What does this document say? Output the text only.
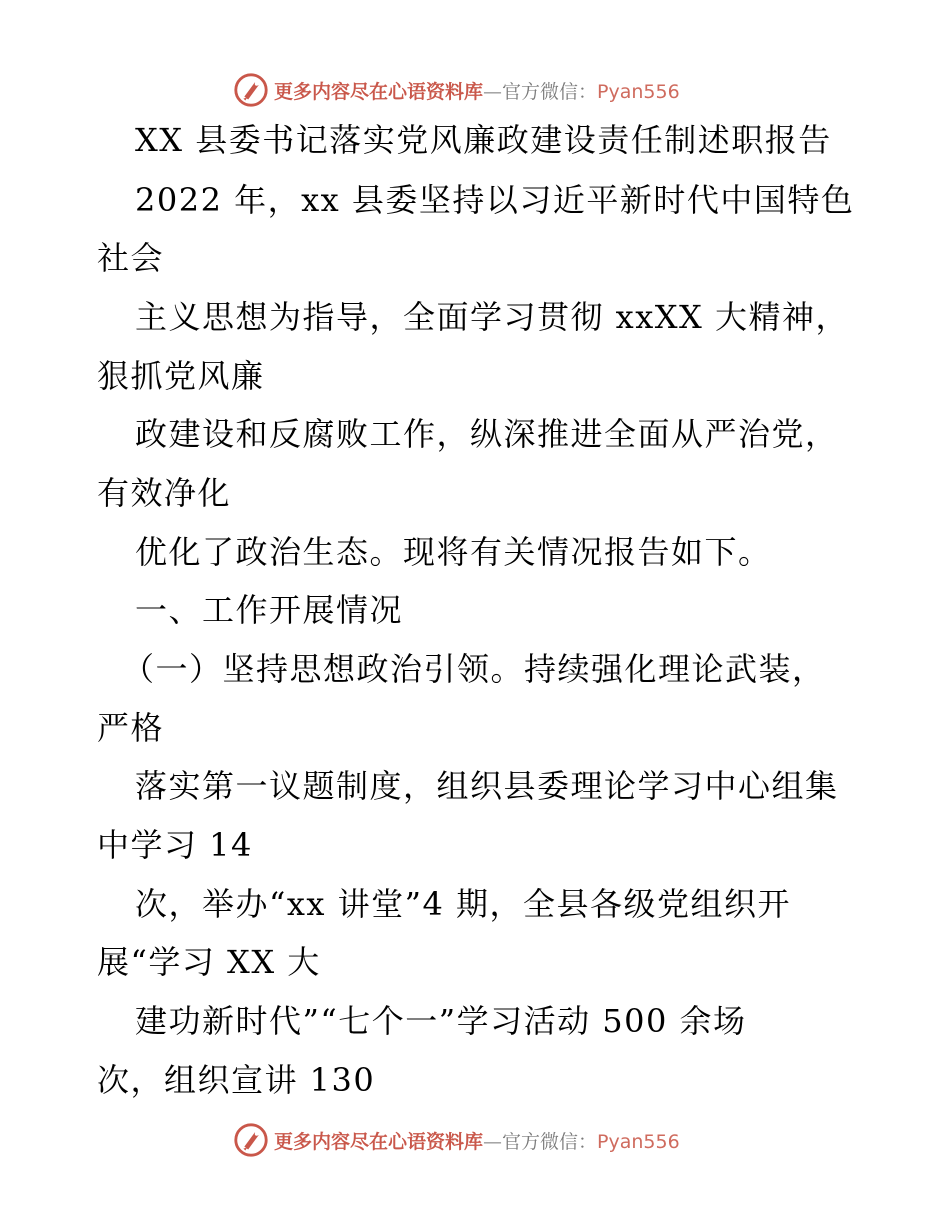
更多内容尽在心语资料库—官方微信：Pyan556
XX 县委书记落实党风廉政建设责任制述职报告
2022 年，xx 县委坚持以习近平新时代中国特色
社会
主义思想为指导，全面学习贯彻 xxXX 大精神，
狠抓党风廉
政建设和反腐败工作，纵深推进全面从严治党，
有效净化
优化了政治生态。现将有关情况报告如下。
一、工作开展情况
（一）坚持思想政治引领。持续强化理论武装，
严格
落实第一议题制度，组织县委理论学习中心组集
中学习 14
次，举办“xx 讲堂”4 期，全县各级党组织开
展“学习 XX 大
建功新时代”“七个一”学习活动 500 余场
次，组织宣讲 130
更多内容尽在心语资料库—官方微信：Pyan556
